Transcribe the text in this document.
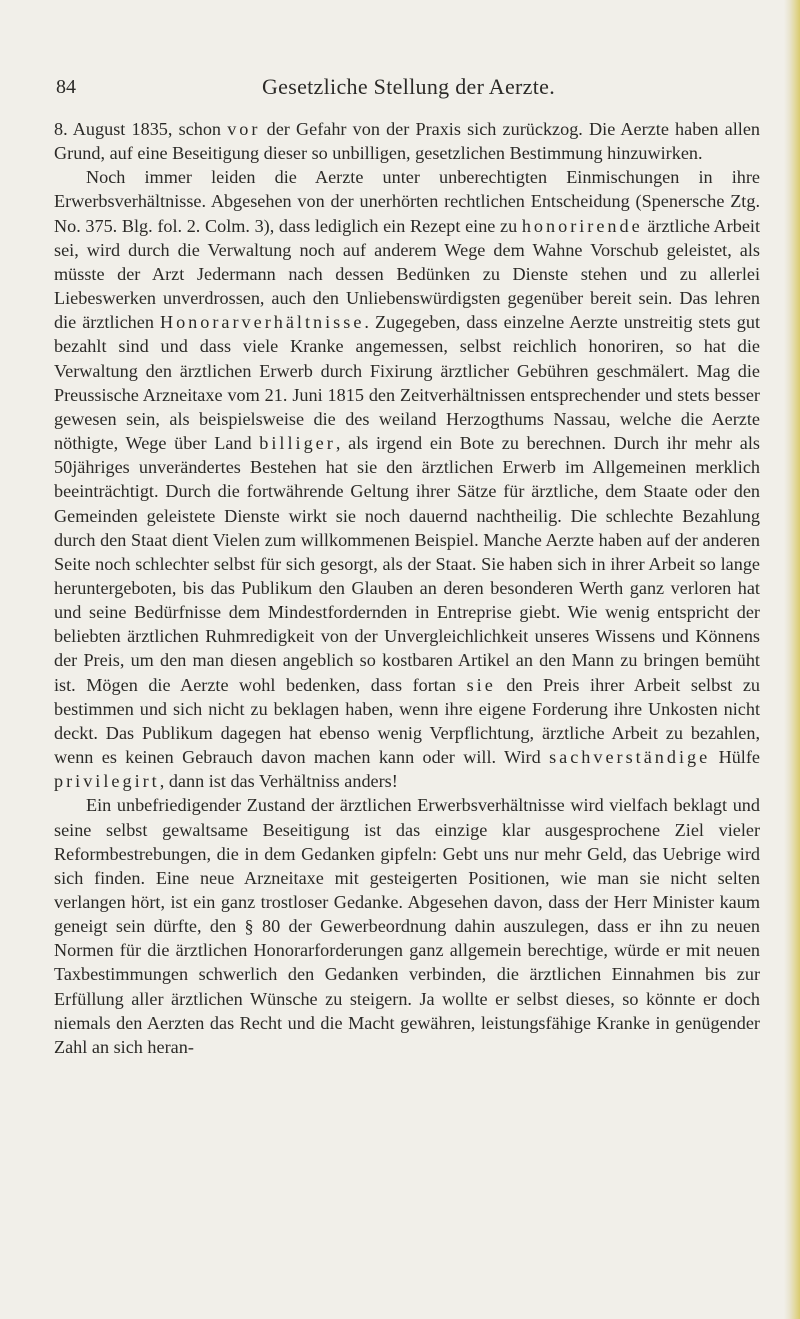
84	Gesetzliche Stellung der Aerzte.

8. August 1835, schon vor der Gefahr von der Praxis sich zurückzog. Die Aerzte haben allen Grund, auf eine Beseitigung dieser so unbilligen, gesetzlichen Bestimmung hinzuwirken.

Noch immer leiden die Aerzte unter unberechtigten Einmischungen in ihre Erwerbsverhältnisse. Abgesehen von der unerhörten rechtlichen Entscheidung (Spenersche Ztg. No. 375. Blg. fol. 2. Colm. 3), dass lediglich ein Rezept eine zu honorirende ärztliche Arbeit sei, wird durch die Verwaltung noch auf anderem Wege dem Wahne Vorschub geleistet, als müsste der Arzt Jedermann nach dessen Bedünken zu Dienste stehen und zu allerlei Liebeswerken unverdrossen, auch den Unliebenswürdigsten gegenüber bereit sein. Das lehren die ärztlichen Honorarverhältnisse. Zugegeben, dass einzelne Aerzte unstreitig stets gut bezahlt sind und dass viele Kranke angemessen, selbst reichlich honoriren, so hat die Verwaltung den ärztlichen Erwerb durch Fixirung ärztlicher Gebühren geschmälert. Mag die Preussische Arzneitaxe vom 21. Juni 1815 den Zeitverhältnissen entsprechender und stets besser gewesen sein, als beispielsweise die des weiland Herzogthums Nassau, welche die Aerzte nöthigte, Wege über Land billiger, als irgend ein Bote zu berechnen. Durch ihr mehr als 50jähriges unverändertes Bestehen hat sie den ärztlichen Erwerb im Allgemeinen merklich beeinträchtigt. Durch die fortwährende Geltung ihrer Sätze für ärztliche, dem Staate oder den Gemeinden geleistete Dienste wirkt sie noch dauernd nachtheilig. Die schlechte Bezahlung durch den Staat dient Vielen zum willkommenen Beispiel. Manche Aerzte haben auf der anderen Seite noch schlechter selbst für sich gesorgt, als der Staat. Sie haben sich in ihrer Arbeit so lange heruntergeboten, bis das Publikum den Glauben an deren besonderen Werth ganz verloren hat und seine Bedürfnisse dem Mindestfordernden in Entreprise giebt. Wie wenig entspricht der beliebten ärztlichen Ruhmredigkeit von der Unvergleichlichkeit unseres Wissens und Könnens der Preis, um den man diesen angeblich so kostbaren Artikel an den Mann zu bringen bemüht ist. Mögen die Aerzte wohl bedenken, dass fortan sie den Preis ihrer Arbeit selbst zu bestimmen und sich nicht zu beklagen haben, wenn ihre eigene Forderung ihre Unkosten nicht deckt. Das Publikum dagegen hat ebenso wenig Verpflichtung, ärztliche Arbeit zu bezahlen, wenn es keinen Gebrauch davon machen kann oder will. Wird sachverständige Hülfe privilegirt, dann ist das Verhältniss anders!

Ein unbefriedigender Zustand der ärztlichen Erwerbsverhältnisse wird vielfach beklagt und seine selbst gewaltsame Beseitigung ist das einzige klar ausgesprochene Ziel vieler Reformbestrebungen, die in dem Gedanken gipfeln: Gebt uns nur mehr Geld, das Uebrige wird sich finden. Eine neue Arzneitaxe mit gesteigerten Positionen, wie man sie nicht selten verlangen hört, ist ein ganz trostloser Gedanke. Abgesehen davon, dass der Herr Minister kaum geneigt sein dürfte, den § 80 der Gewerbeordnung dahin auszulegen, dass er ihn zu neuen Normen für die ärztlichen Honorarforderungen ganz allgemein berechtige, würde er mit neuen Taxbestimmungen schwerlich den Gedanken verbinden, die ärztlichen Einnahmen bis zur Erfüllung aller ärztlichen Wünsche zu steigern. Ja wollte er selbst dieses, so könnte er doch niemals den Aerzten das Recht und die Macht gewähren, leistungsfähige Kranke in genügender Zahl an sich heran-
